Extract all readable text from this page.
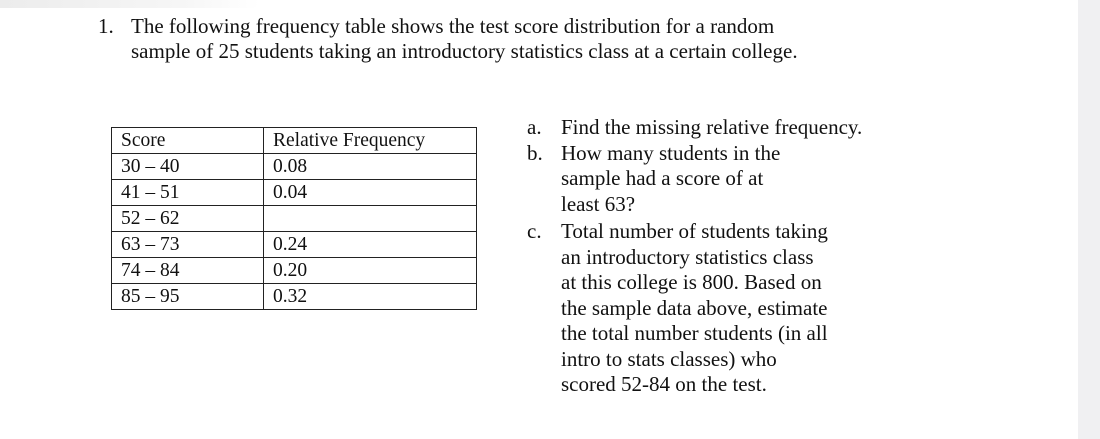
1. The following frequency table shows the test score distribution for a random sample of 25 students taking an introductory statistics class at a certain college.
Score	Relative Frequency
30 – 40	0.08
41 – 51	0.04
52 – 62	
63 – 73	0.24
74 – 84	0.20
85 – 95	0.32
a. Find the missing relative frequency.
b. How many students in the sample had a score of at least 63?
c. Total number of students taking an introductory statistics class at this college is 800. Based on the sample data above, estimate the total number students (in all intro to stats classes) who scored 52-84 on the test.
